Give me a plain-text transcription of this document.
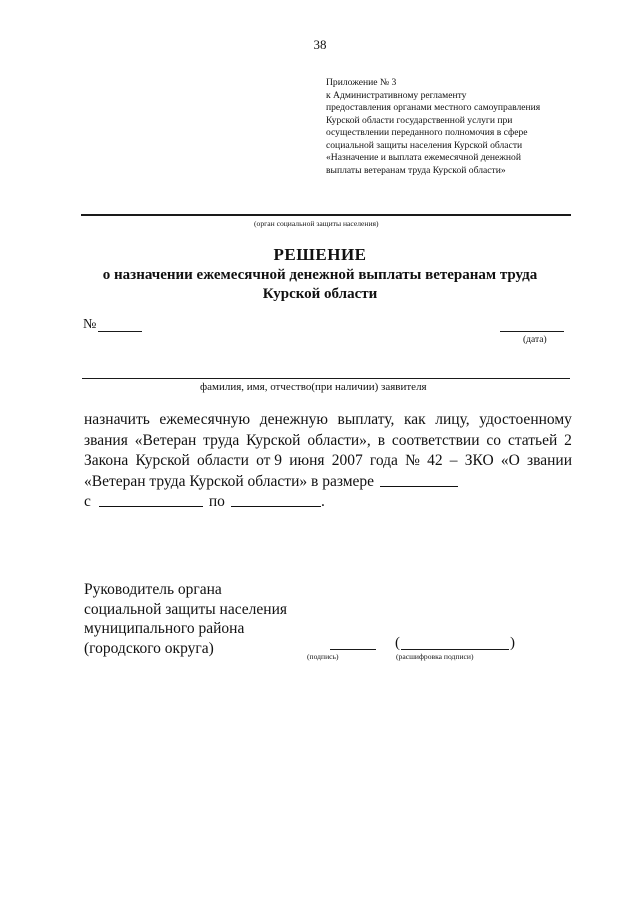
38
Приложение № 3
к Административному регламенту
предоставления органами местного самоуправления
Курской области государственной услуги при
осуществлении переданного полномочия в сфере
социальной защиты населения Курской области
«Назначение и выплата ежемесячной денежной
выплаты ветеранам труда Курской области»
(орган социальной защиты населения)
РЕШЕНИЕ
о назначении ежемесячной денежной выплаты ветеранам труда
Курской области
№
(дата)
фамилия, имя, отчество(при наличии) заявителя
назначить ежемесячную денежную выплату, как лицу, удостоенному
звания «Ветеран труда Курской области», в соответствии со статьей 2
Закона Курской области от 9 июня 2007 года № 42 – ЗКО «О звании
«Ветеран труда Курской области» в размере
с	по	.
Руководитель органа
социальной защиты населения
муниципального района
(городского округа)	(подпись)
(	)
(расшифровка подписи)
